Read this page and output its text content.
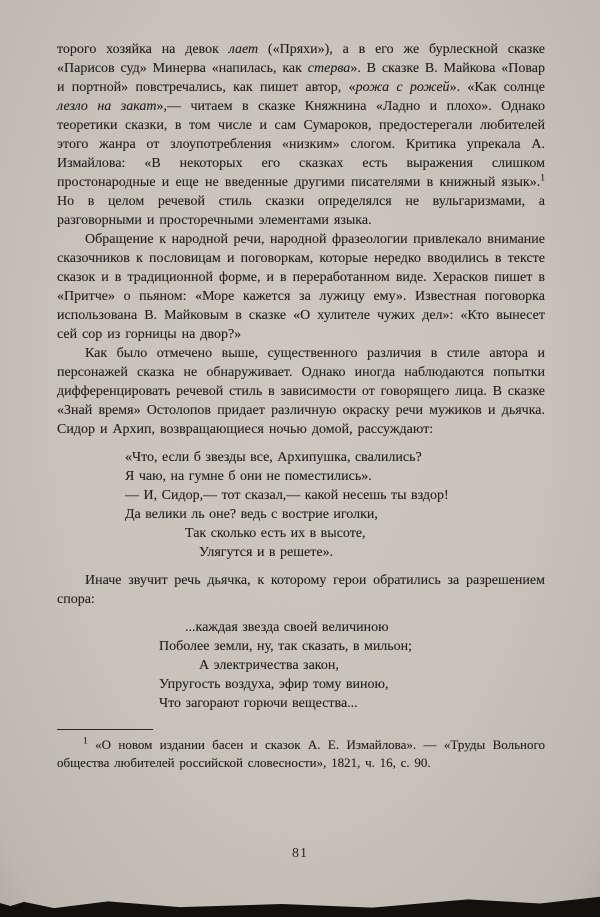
торого хозяйка на девок лает («Пряхи»), а в его же бурлескной сказке «Парисов суд» Минерва «напилась, как стерва». В сказке В. Майкова «Повар и портной» повстречались, как пишет автор, «рожа с рожей». «Как солнце лезло на закат»,— читаем в сказке Княжнина «Ладно и плохо». Однако теоретики сказки, в том числе и сам Сумароков, предостерегали любителей этого жанра от злоупотребления «низким» слогом. Критика упрекала А. Измайлова: «В некоторых его сказках есть выражения слишком простонародные и еще не введенные другими писателями в книжный язык».$^1$ Но в целом речевой стиль сказки определялся не вульгаризмами, а разговорными и просторечными элементами языка.

Обращение к народной речи, народной фразеологии привлекало внимание сказочников к пословицам и поговоркам, которые нередко вводились в тексте сказок и в традиционной форме, и в переработанном виде. Херасков пишет в «Притче» о пьяном: «Море кажется за лужицу ему». Известная поговорка использована В. Майковым в сказке «О хулителе чужих дел»: «Кто вынесет сей сор из горницы на двор?»

Как было отмечено выше, существенного различия в стиле автора и персонажей сказка не обнаруживает. Однако иногда наблюдаются попытки дифференцировать речевой стиль в зависимости от говорящего лица. В сказке «Знай время» Остолопов придает различную окраску речи мужиков и дьячка. Сидор и Архип, возвращающиеся ночью домой, рассуждают:

«Что, если б звезды все, Архипушка, свалились?
Я чаю, на гумне б они не поместились».
— И, Сидор,— тот сказал,— какой несешь ты вздор!
Да велики ль оне? ведь с вострие иголки,
Так сколько есть их в высоте,
Улягутся и в решете».

Иначе звучит речь дьячка, к которому герои обратились за разрешением спора:

...каждая звезда своей величиною
Поболее земли, ну, так сказать, в мильон;
А электричества закон,
Упругость воздуха, эфир тому виною,
Что загорают горючи вещества...

$^1$ «О новом издании басен и сказок А. Е. Измайлова». — «Труды Вольного общества любителей российской словесности», 1821, ч. 16, с. 90.

81
